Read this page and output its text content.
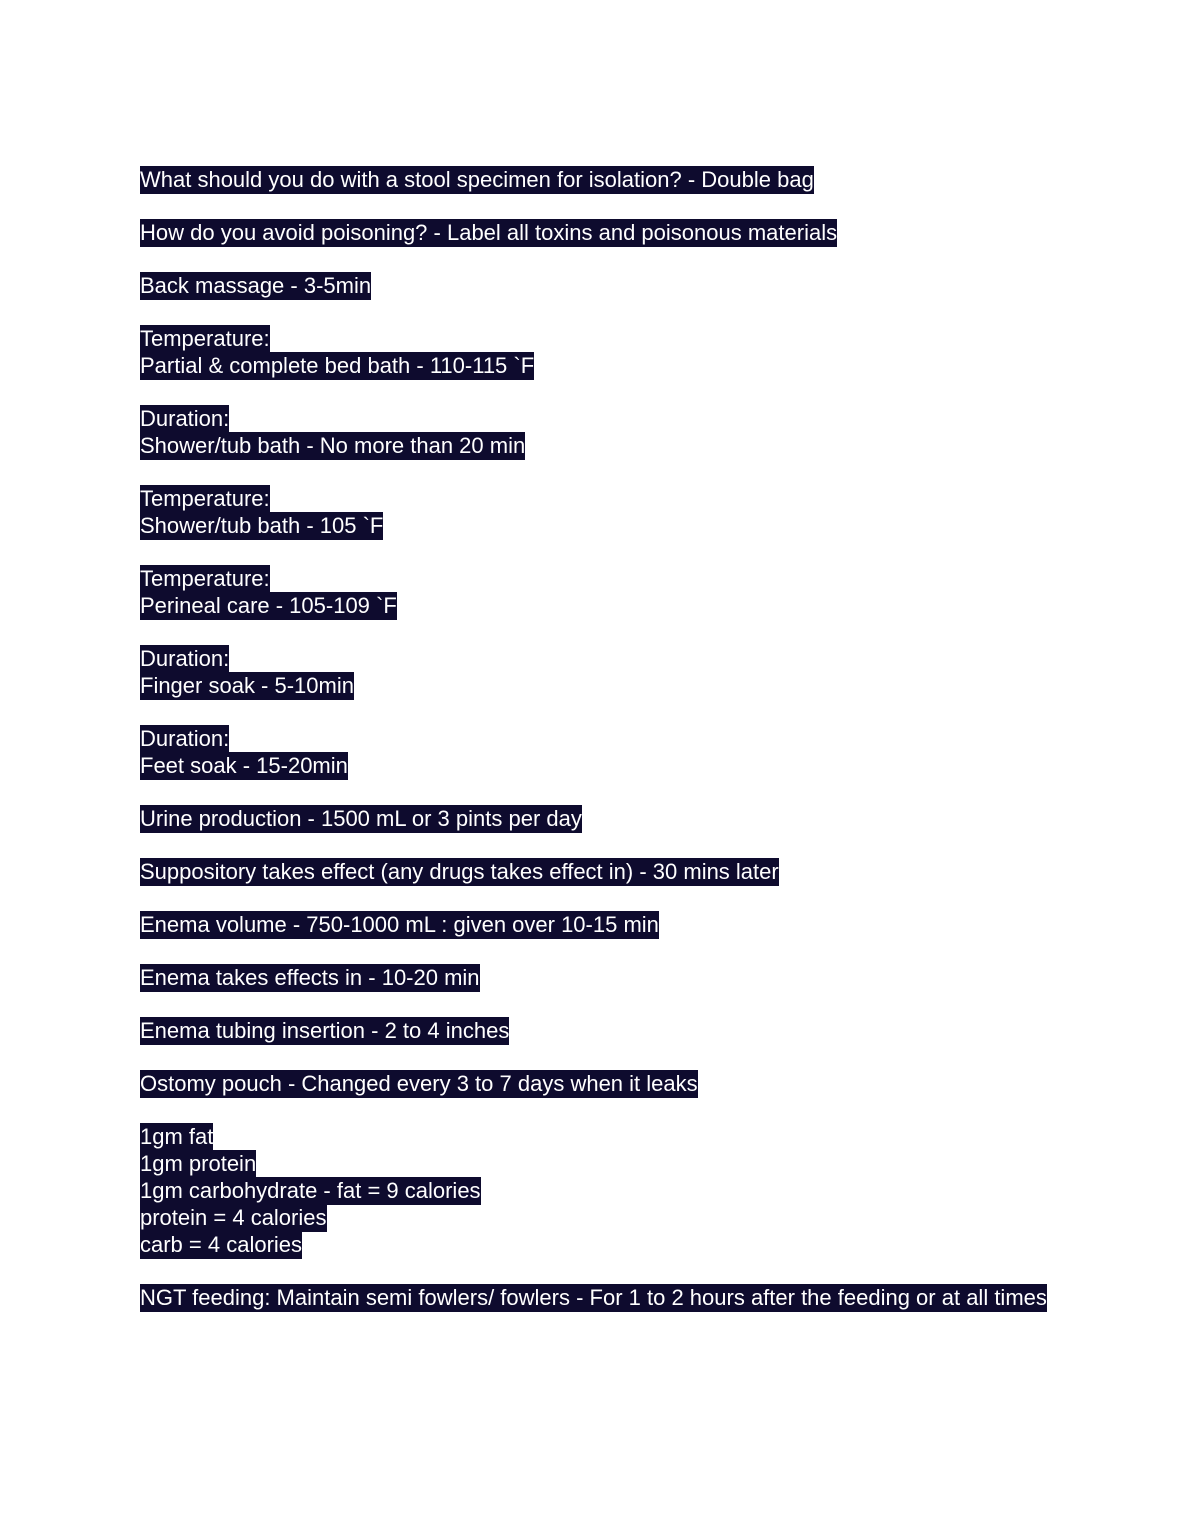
What should you do with a stool specimen for isolation? - Double bag

How do you avoid poisoning? - Label all toxins and poisonous materials

Back massage - 3-5min

Temperature:

Partial & complete bed bath - 110-115 `F

Duration:

Shower/tub bath - No more than 20 min

Temperature:

Shower/tub bath - 105 `F

Temperature:

Perineal care - 105-109 `F

Duration:

Finger soak - 5-10min

Duration:

Feet soak - 15-20min

Urine production - 1500 mL or 3 pints per day

Suppository takes effect (any drugs takes effect in) - 30 mins later

Enema volume - 750-1000 mL : given over 10-15 min

Enema takes effects in - 10-20 min

Enema tubing insertion - 2 to 4 inches

Ostomy pouch - Changed every 3 to 7 days when it leaks

1gm fat

1gm protein

1gm carbohydrate - fat = 9 calories

protein = 4 calories

carb = 4 calories

NGT feeding: Maintain semi fowlers/ fowlers - For 1 to 2 hours after the feeding or at all times
